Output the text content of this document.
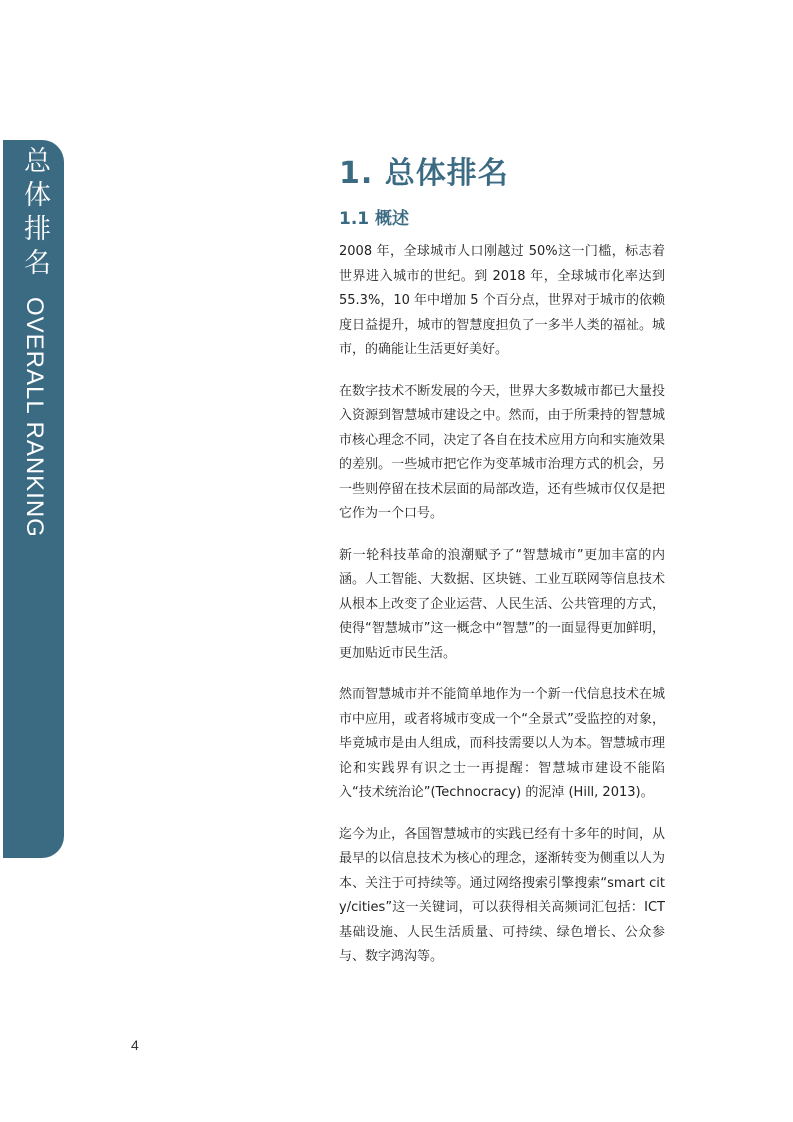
总体排名 OVERALL RANKING
1. 总体排名
1.1 概述

2008 年，全球城市人口刚越过 50%这一门槛，标志着世界进入城市的世纪。到 2018 年，全球城市化率达到 55.3%，10 年中增加 5 个百分点，世界对于城市的依赖度日益提升，城市的智慧度担负了一多半人类的福祉。城市，的确能让生活更好美好。

在数字技术不断发展的今天，世界大多数城市都已大量投入资源到智慧城市建设之中。然而，由于所秉持的智慧城市核心理念不同，决定了各自在技术应用方向和实施效果的差别。一些城市把它作为变革城市治理方式的机会，另一些则停留在技术层面的局部改造，还有些城市仅仅是把它作为一个口号。

新一轮科技革命的浪潮赋予了“智慧城市”更加丰富的内涵。人工智能、大数据、区块链、工业互联网等信息技术从根本上改变了企业运营、人民生活、公共管理的方式，使得“智慧城市”这一概念中“智慧”的一面显得更加鲜明，更加贴近市民生活。

然而智慧城市并不能简单地作为一个新一代信息技术在城市中应用，或者将城市变成一个“全景式”受监控的对象，毕竟城市是由人组成，而科技需要以人为本。智慧城市理论和实践界有识之士一再提醒：智慧城市建设不能陷入“技术统治论”(Technocracy) 的泥淖 (Hill, 2013)。

迄今为止，各国智慧城市的实践已经有十多年的时间，从最早的以信息技术为核心的理念，逐渐转变为侧重以人为本、关注于可持续等。通过网络搜索引擎搜索“smart city/cities”这一关键词，可以获得相关高频词汇包括：ICT 基础设施、人民生活质量、可持续、绿色增长、公众参与、数字鸿沟等。

4
